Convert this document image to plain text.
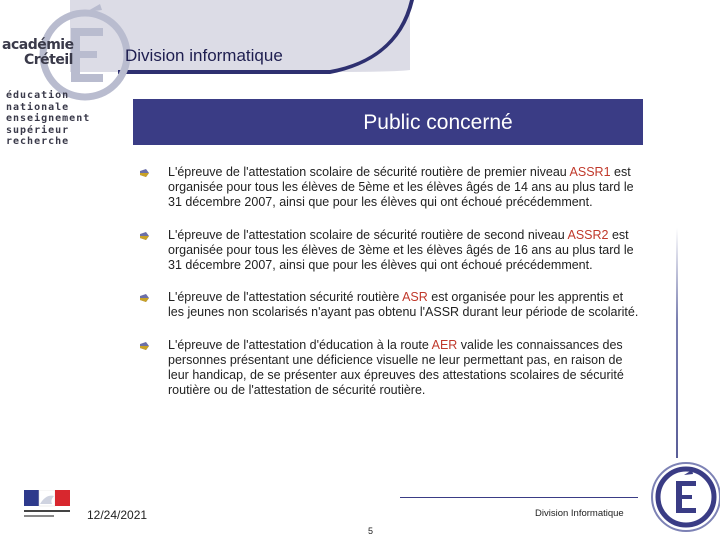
académie
Créteil
éducation
nationale
enseignement
supérieur
recherche
Division informatique
Public concerné
L'épreuve de l'attestation scolaire de sécurité routière de premier niveau ASSR1 est organisée pour tous les élèves de 5ème et les élèves âgés de 14 ans au plus tard le 31 décembre 2007, ainsi que pour les élèves qui ont échoué précédemment.
L'épreuve de l'attestation scolaire de sécurité routière de second niveau ASSR2 est organisée pour tous les élèves de 3ème et les élèves âgés de 16 ans au plus tard le 31 décembre 2007, ainsi que pour les élèves qui ont échoué précédemment.
L'épreuve de l'attestation sécurité routière ASR est organisée pour les apprentis et les jeunes non scolarisés n'ayant pas obtenu l'ASSR durant leur période de scolarité.
L'épreuve de l'attestation d'éducation à la route AER valide les connaissances des personnes présentant une déficience visuelle ne leur permettant pas, en raison de leur handicap, de se présenter aux épreuves des attestations scolaires de sécurité routière ou de l'attestation de sécurité routière.
12/24/2021	Division Informatique
5
